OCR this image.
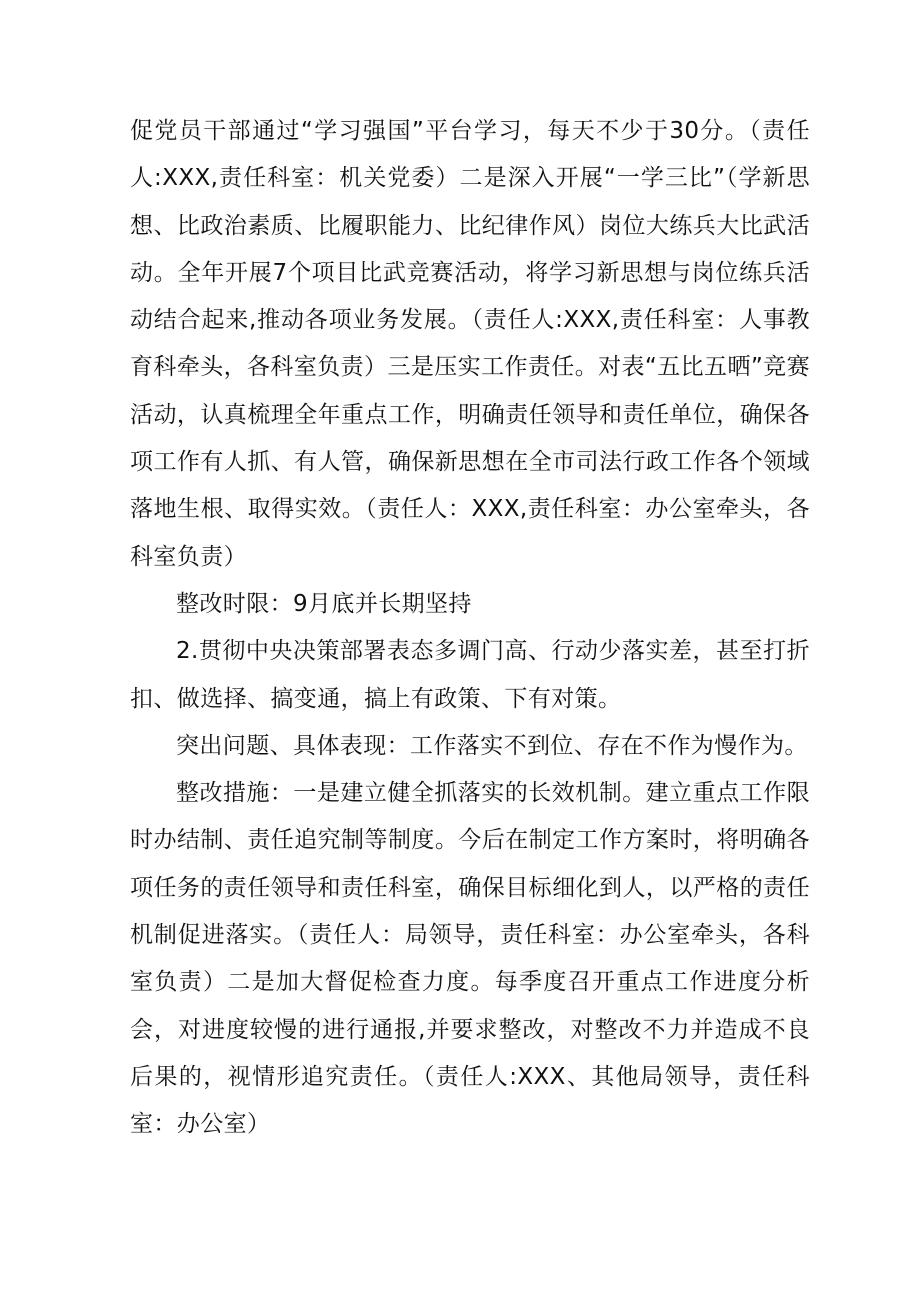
促党员干部通过“学习强国”平台学习，每天不少于30分。（责任人:XXX,责任科室：机关党委）二是深入开展“一学三比”（学新思想、比政治素质、比履职能力、比纪律作风）岗位大练兵大比武活动。全年开展7个项目比武竞赛活动，将学习新思想与岗位练兵活动结合起来,推动各项业务发展。（责任人:XXX,责任科室：人事教育科牵头，各科室负责）三是压实工作责任。对表“五比五晒”竞赛活动，认真梳理全年重点工作，明确责任领导和责任单位，确保各项工作有人抓、有人管，确保新思想在全市司法行政工作各个领域落地生根、取得实效。（责任人：XXX,责任科室：办公室牵头，各科室负责）

整改时限：9月底并长期坚持

2.贯彻中央决策部署表态多调门高、行动少落实差，甚至打折扣、做选择、搞变通，搞上有政策、下有对策。

突出问题、具体表现：工作落实不到位、存在不作为慢作为。

整改措施：一是建立健全抓落实的长效机制。建立重点工作限时办结制、责任追究制等制度。今后在制定工作方案时，将明确各项任务的责任领导和责任科室，确保目标细化到人，以严格的责任机制促进落实。（责任人：局领导，责任科室：办公室牵头，各科室负责）二是加大督促检查力度。每季度召开重点工作进度分析会，对进度较慢的进行通报,并要求整改，对整改不力并造成不良后果的，视情形追究责任。（责任人:XXX、其他局领导，责任科室：办公室）
